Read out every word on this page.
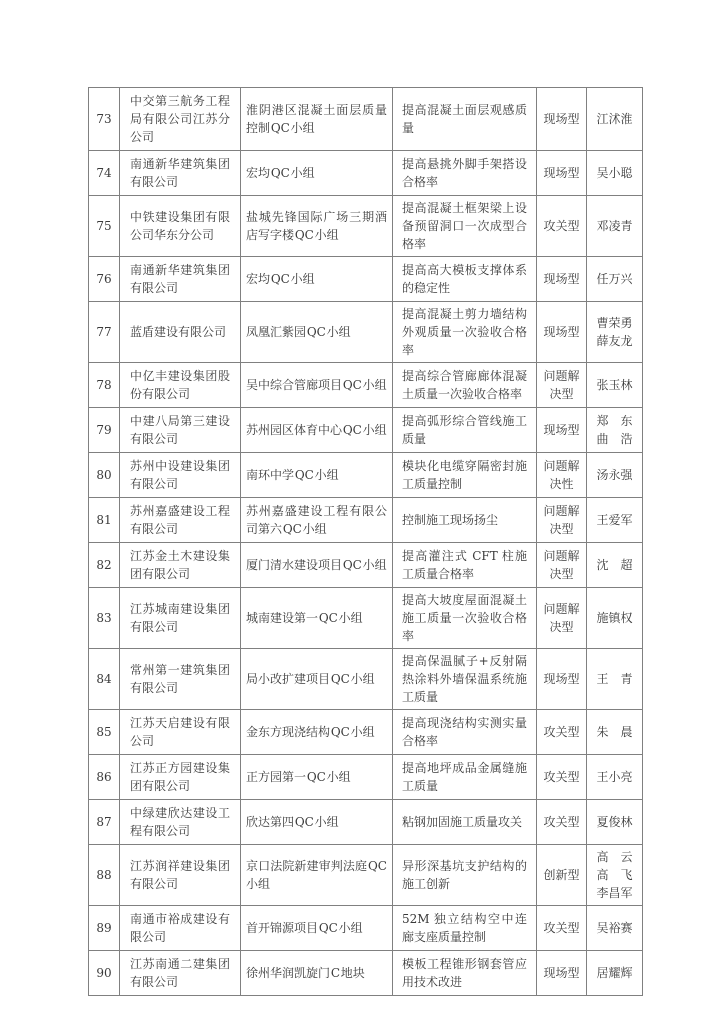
73	中交第三航务工程局有限公司江苏分公司	淮阴港区混凝土面层质量控制 QC 小组	提高混凝土面层观感质量	现场型	江沭淮

74	南通新华建筑集团有限公司	宏均 QC 小组	提高悬挑外脚手架搭设合格率	现场型	吴小聪

75	中铁建设集团有限公司华东分公司	盐城先锋国际广场三期酒店写字楼 QC 小组	提高混凝土框架梁上设备预留洞口一次成型合格率	攻关型	邓凌青

76	南通新华建筑集团有限公司	宏均 QC 小组	提高高大模板支撑体系的稳定性	现场型	任万兴

77	蓝盾建设有限公司	凤凰汇紫园 QC 小组	提高混凝土剪力墙结构外观质量一次验收合格率	现场型	曹荣勇
薛友龙

78	中亿丰建设集团股份有限公司	吴中综合管廊项目 QC 小组	提高综合管廊廊体混凝土质量一次验收合格率	问题解决型	张玉林

79	中建八局第三建设有限公司	苏州园区体育中心 QC 小组	提高弧形综合管线施工质量	现场型	郑　东
曲　浩

80	苏州中设建设集团有限公司	南环中学 QC 小组	模块化电缆穿隔密封施工质量控制	问题解决性	汤永强

81	苏州嘉盛建设工程有限公司	苏州嘉盛建设工程有限公司第六 QC 小组	控制施工现场扬尘	问题解决型	王爱军

82	江苏金土木建设集团有限公司	厦门清水建设项目 QC 小组	提高灌注式 CFT 柱施工质量合格率	问题解决型	沈　超

83	江苏城南建设集团有限公司	城南建设第一 QC 小组	提高大坡度屋面混凝土施工质量一次验收合格率	问题解决型	施镇权

84	常州第一建筑集团有限公司	局小改扩建项目 QC 小组	提高保温腻子+反射隔热涂料外墙保温系统施工质量	现场型	王　青

85	江苏天启建设有限公司	金东方现浇结构 QC 小组	提高现浇结构实测实量合格率	攻关型	朱　晨

86	江苏正方园建设集团有限公司	正方园第一 QC 小组	提高地坪成品金属缝施工质量	攻关型	王小亮

87	中绿建欣达建设工程有限公司	欣达第四 QC 小组	粘钢加固施工质量攻关	攻关型	夏俊林

88	江苏润祥建设集团有限公司	京口法院新建审判法庭 QC 小组	异形深基坑支护结构的施工创新	创新型	高　云
高　飞
李昌军

89	南通市裕成建设有限公司	首开锦源项目 QC 小组	52M 独立结构空中连廊支座质量控制	攻关型	吴裕赛

90	江苏南通二建集团有限公司	徐州华润凯旋门 C 地块	模板工程锥形钢套管应用技术改进	现场型	居耀辉
